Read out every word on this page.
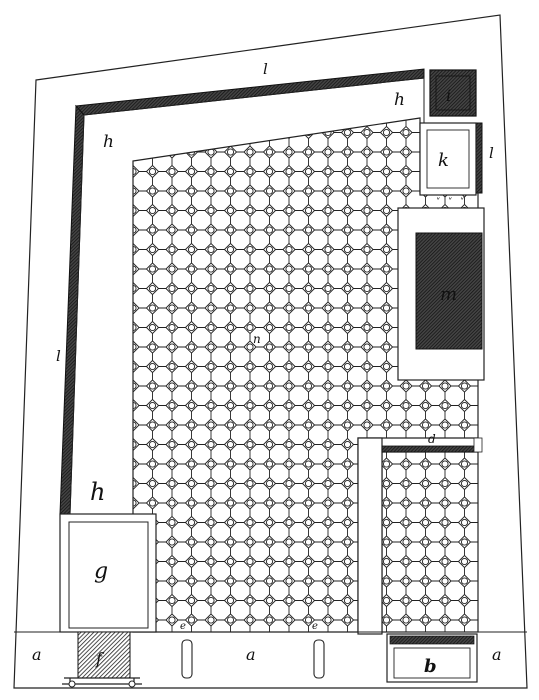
a	a	a
b
d
e	e
f
g
h
h
h
i
k
l
l
l
m
n
˅ ˅ ˅
